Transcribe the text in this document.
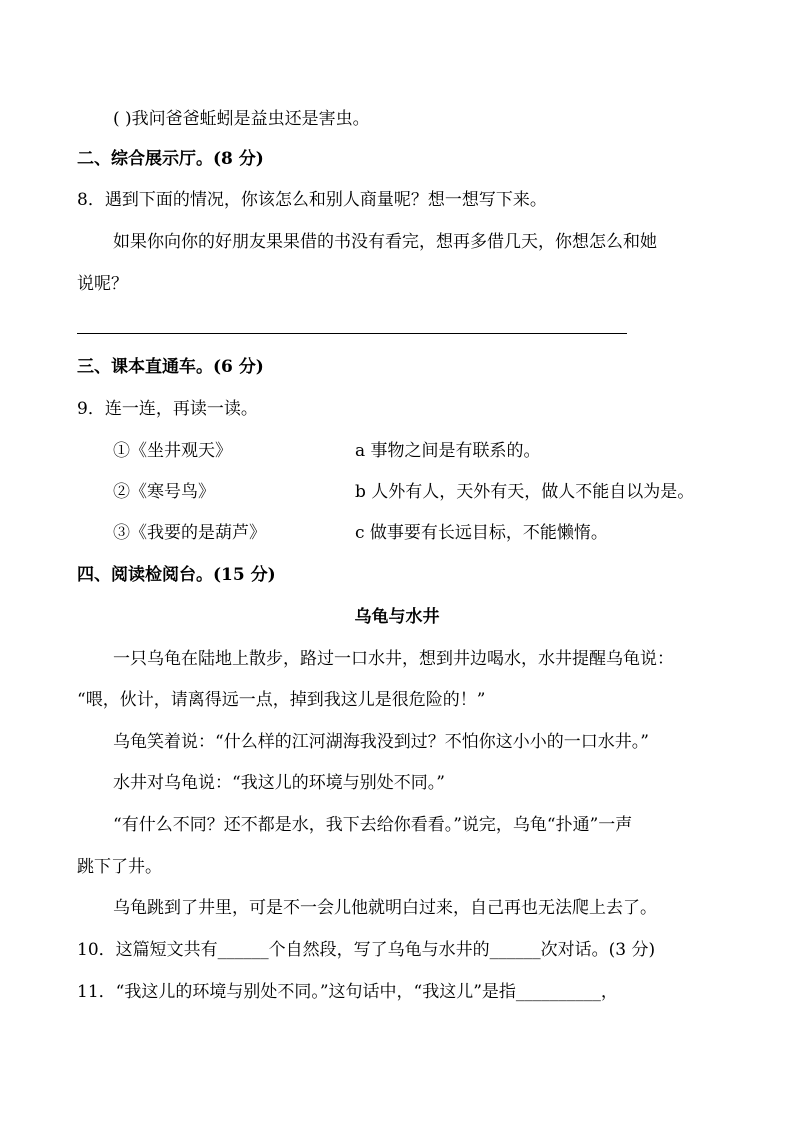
( )我问爸爸蚯蚓是益虫还是害虫。
二、综合展示厅。(8 分)
8．遇到下面的情况，你该怎么和别人商量呢？想一想写下来。
如果你向你的好朋友果果借的书没有看完，想再多借几天，你想怎么和她
说呢？
三、课本直通车。(6 分)
9．连一连，再读一读。
①《坐井观天》	a 事物之间是有联系的。
②《寒号鸟》	b 人外有人，天外有天，做人不能自以为是。
③《我要的是葫芦》	c 做事要有长远目标，不能懒惰。
四、阅读检阅台。(15 分)
乌龟与水井
一只乌龟在陆地上散步，路过一口水井，想到井边喝水，水井提醒乌龟说：
“喂，伙计，请离得远一点，掉到我这儿是很危险的！”
乌龟笑着说：“什么样的江河湖海我没到过？不怕你这小小的一口水井。”
水井对乌龟说：“我这儿的环境与别处不同。”
“有什么不同？还不都是水，我下去给你看看。”说完，乌龟“扑通”一声
跳下了井。
乌龟跳到了井里，可是不一会儿他就明白过来，自己再也无法爬上去了。
10．这篇短文共有______个自然段，写了乌龟与水井的______次对话。(3 分)
11．“我这儿的环境与别处不同。”这句话中，“我这儿”是指__________，
